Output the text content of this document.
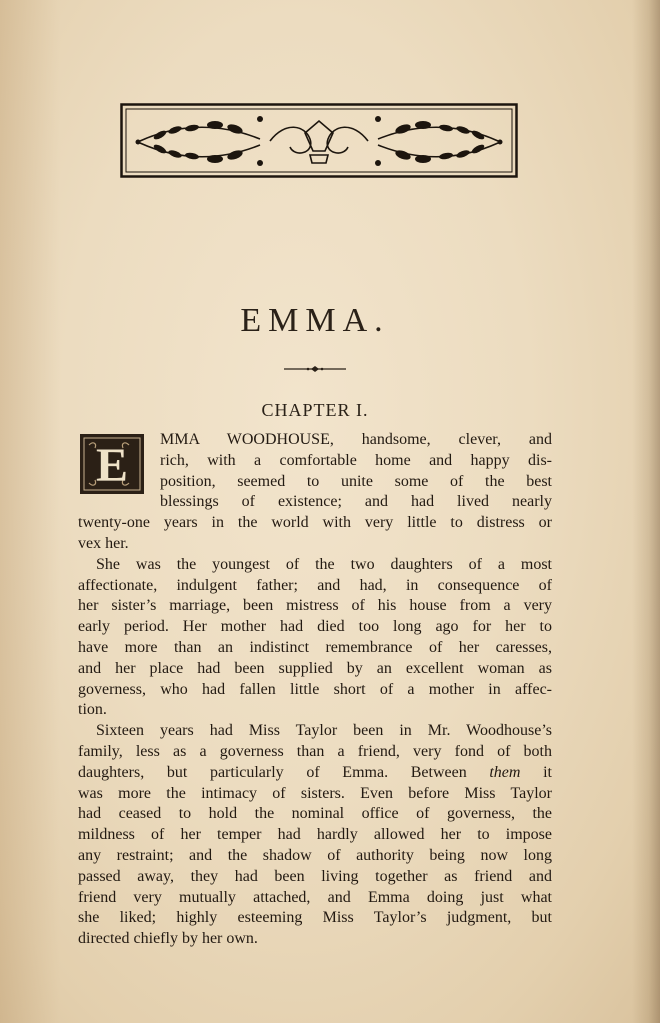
EMMA.
CHAPTER I.
E	MMA WOODHOUSE, handsome, clever, and
rich, with a comfortable home and happy dis-
position, seemed to unite some of the best
blessings of existence; and had lived nearly
twenty-one years in the world with very little to distress or
vex her.
She was the youngest of the two daughters of a most
affectionate, indulgent father; and had, in consequence of
her sister’s marriage, been mistress of his house from a very
early period. Her mother had died too long ago for her to
have more than an indistinct remembrance of her caresses,
and her place had been supplied by an excellent woman as
governess, who had fallen little short of a mother in affec-
tion.
Sixteen years had Miss Taylor been in Mr. Woodhouse’s
family, less as a governess than a friend, very fond of both
daughters, but particularly of Emma. Between them it
was more the intimacy of sisters. Even before Miss Taylor
had ceased to hold the nominal office of governess, the
mildness of her temper had hardly allowed her to impose
any restraint; and the shadow of authority being now long
passed away, they had been living together as friend and
friend very mutually attached, and Emma doing just what
she liked; highly esteeming Miss Taylor’s judgment, but
directed chiefly by her own.
